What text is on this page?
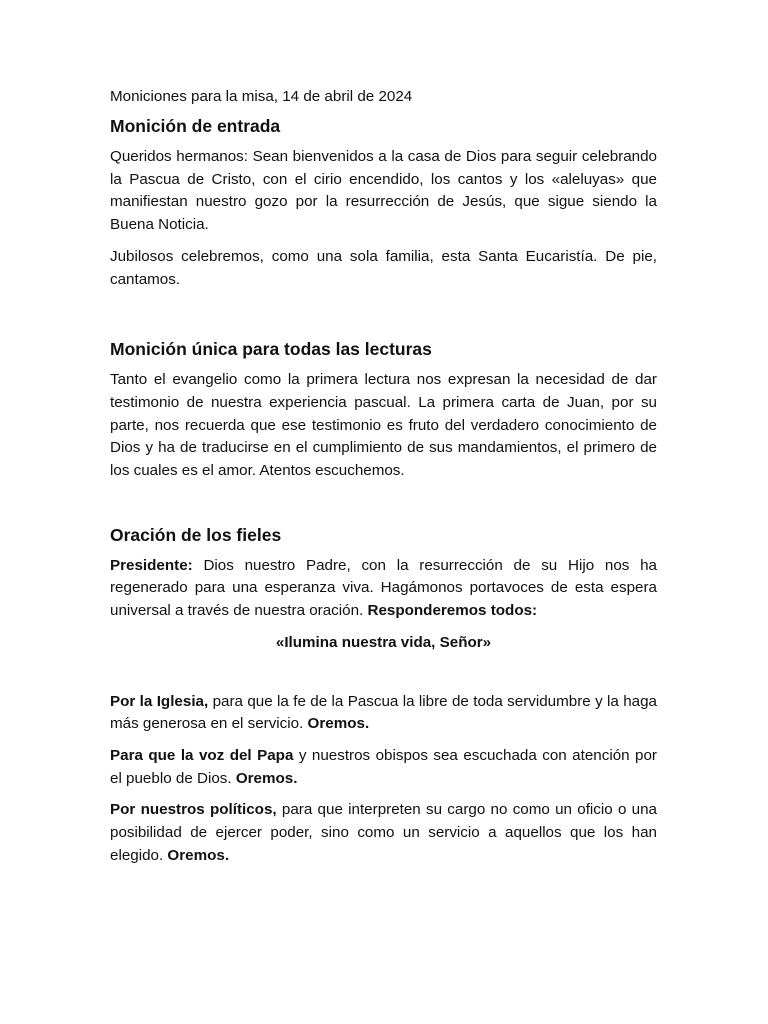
Moniciones para la misa, 14 de abril de 2024
Monición de entrada

Queridos hermanos: Sean bienvenidos a la casa de Dios para seguir celebrando la Pascua de Cristo, con el cirio encendido, los cantos y los «aleluyas» que manifiestan nuestro gozo por la resurrección de Jesús, que sigue siendo la Buena Noticia.

Jubilosos celebremos, como una sola familia, esta Santa Eucaristía. De pie, cantamos.

Monición única para todas las lecturas

Tanto el evangelio como la primera lectura nos expresan la necesidad de dar testimonio de nuestra experiencia pascual. La primera carta de Juan, por su parte, nos recuerda que ese testimonio es fruto del verdadero conocimiento de Dios y ha de traducirse en el cumplimiento de sus mandamientos, el primero de los cuales es el amor. Atentos escuchemos.

Oración de los fieles

Presidente: Dios nuestro Padre, con la resurrección de su Hijo nos ha regenerado para una esperanza viva. Hagámonos portavoces de esta espera universal a través de nuestra oración. Responderemos todos:

«Ilumina nuestra vida, Señor»

Por la Iglesia, para que la fe de la Pascua la libre de toda servidumbre y la haga más generosa en el servicio. Oremos.

Para que la voz del Papa y nuestros obispos sea escuchada con atención por el pueblo de Dios. Oremos.

Por nuestros políticos, para que interpreten su cargo no como un oficio o una posibilidad de ejercer poder, sino como un servicio a aquellos que los han elegido. Oremos.
